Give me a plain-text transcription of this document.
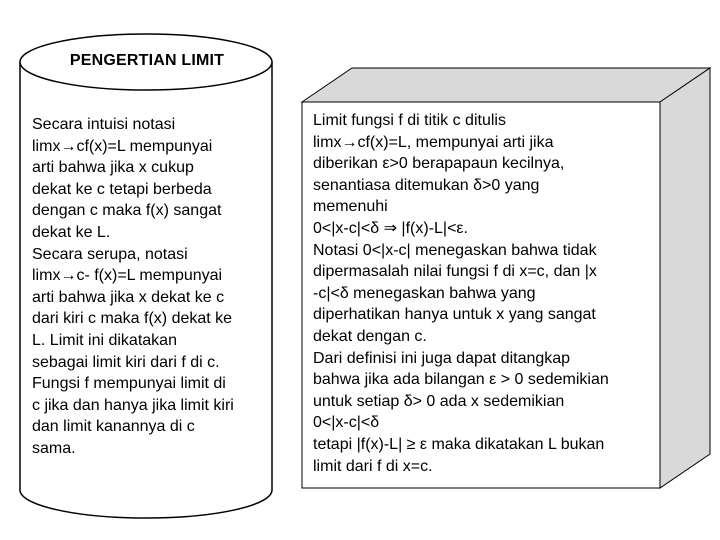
PENGERTIAN LIMIT
Secara intuisi notasi
limx→cf(x)=L mempunyai
arti bahwa jika x cukup
dekat ke c tetapi berbeda
dengan c maka f(x) sangat
dekat ke L.
Secara serupa, notasi
limx→c- f(x)=L mempunyai
arti bahwa jika x dekat ke c
dari kiri c maka f(x) dekat ke
L. Limit ini dikatakan
sebagai limit kiri dari f di c.
Fungsi f mempunyai limit di
c jika dan hanya jika limit kiri
dan limit kanannya di c
sama.
Limit fungsi f di titik c ditulis
limx→cf(x)=L, mempunyai arti jika
diberikan ε>0 berapapaun kecilnya,
senantiasa ditemukan δ>0 yang
memenuhi
0<|x-c|<δ ⇒ |f(x)-L|<ε.
Notasi 0<|x-c| menegaskan bahwa tidak
dipermasalah nilai fungsi f di x=c, dan |x
-c|<δ menegaskan bahwa yang
diperhatikan hanya untuk x yang sangat
dekat dengan c.
Dari definisi ini juga dapat ditangkap
bahwa jika ada bilangan ε > 0 sedemikian
untuk setiap δ> 0 ada x sedemikian
0<|x-c|<δ
tetapi |f(x)-L| ≥ ε maka dikatakan L bukan
limit dari f di x=c.
